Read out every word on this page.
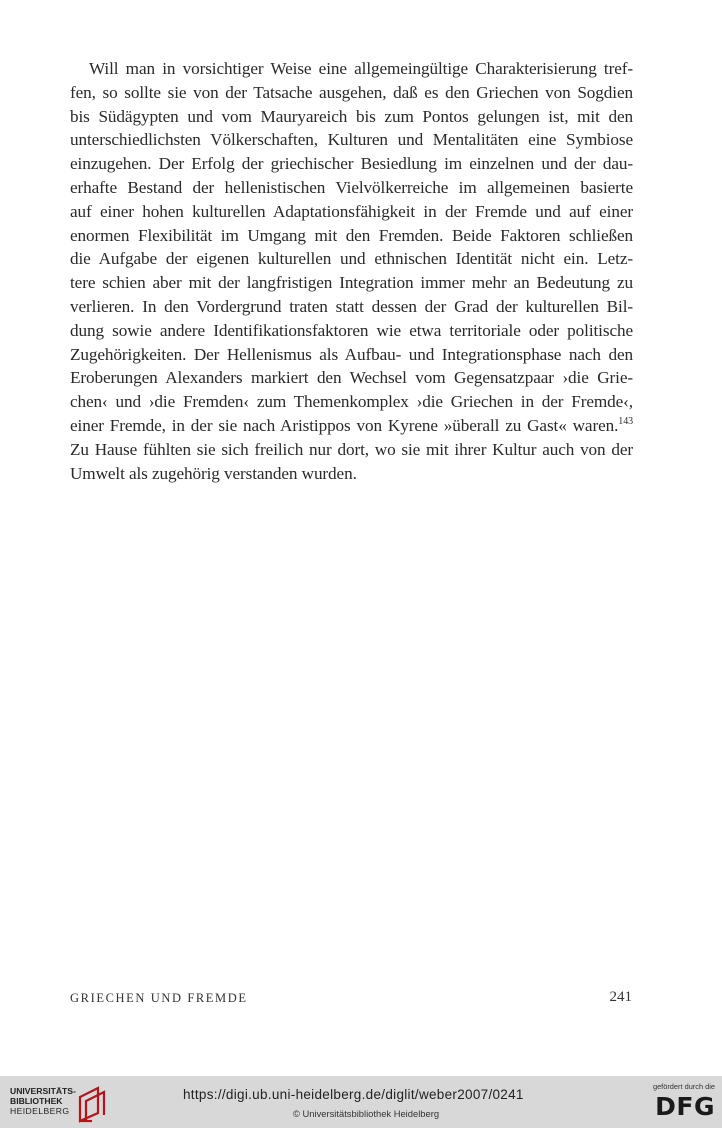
Will man in vorsichtiger Weise eine allgemeingültige Charakterisierung tref-
fen, so sollte sie von der Tatsache ausgehen, daß es den Griechen von Sogdien
bis Südägypten und vom Mauryareich bis zum Pontos gelungen ist, mit den
unterschiedlichsten Völkerschaften, Kulturen und Mentalitäten eine Symbiose
einzugehen. Der Erfolg der griechischer Besiedlung im einzelnen und der dau-
erhafte Bestand der hellenistischen Vielvölkerreiche im allgemeinen basierte
auf einer hohen kulturellen Adaptationsfähigkeit in der Fremde und auf einer
enormen Flexibilität im Umgang mit den Fremden. Beide Faktoren schließen
die Aufgabe der eigenen kulturellen und ethnischen Identität nicht ein. Letz-
tere schien aber mit der langfristigen Integration immer mehr an Bedeutung zu
verlieren. In den Vordergrund traten statt dessen der Grad der kulturellen Bil-
dung sowie andere Identifikationsfaktoren wie etwa territoriale oder politische
Zugehörigkeiten. Der Hellenismus als Aufbau- und Integrationsphase nach den
Eroberungen Alexanders markiert den Wechsel vom Gegensatzpaar ›die Grie-
chen‹ und ›die Fremden‹ zum Themenkomplex ›die Griechen in der Fremde‹,
einer Fremde, in der sie nach Aristippos von Kyrene »überall zu Gast« waren.$^{143}$
Zu Hause fühlten sie sich freilich nur dort, wo sie mit ihrer Kultur auch von der
Umwelt als zugehörig verstanden wurden.
GRIECHEN UND FREMDE	241
UNIVERSITÄTS-
BIBLIOTHEK
HEIDELBERG
https://digi.ub.uni-heidelberg.de/diglit/weber2007/0241
© Universitätsbibliothek Heidelberg
gefördert durch die
DFG
